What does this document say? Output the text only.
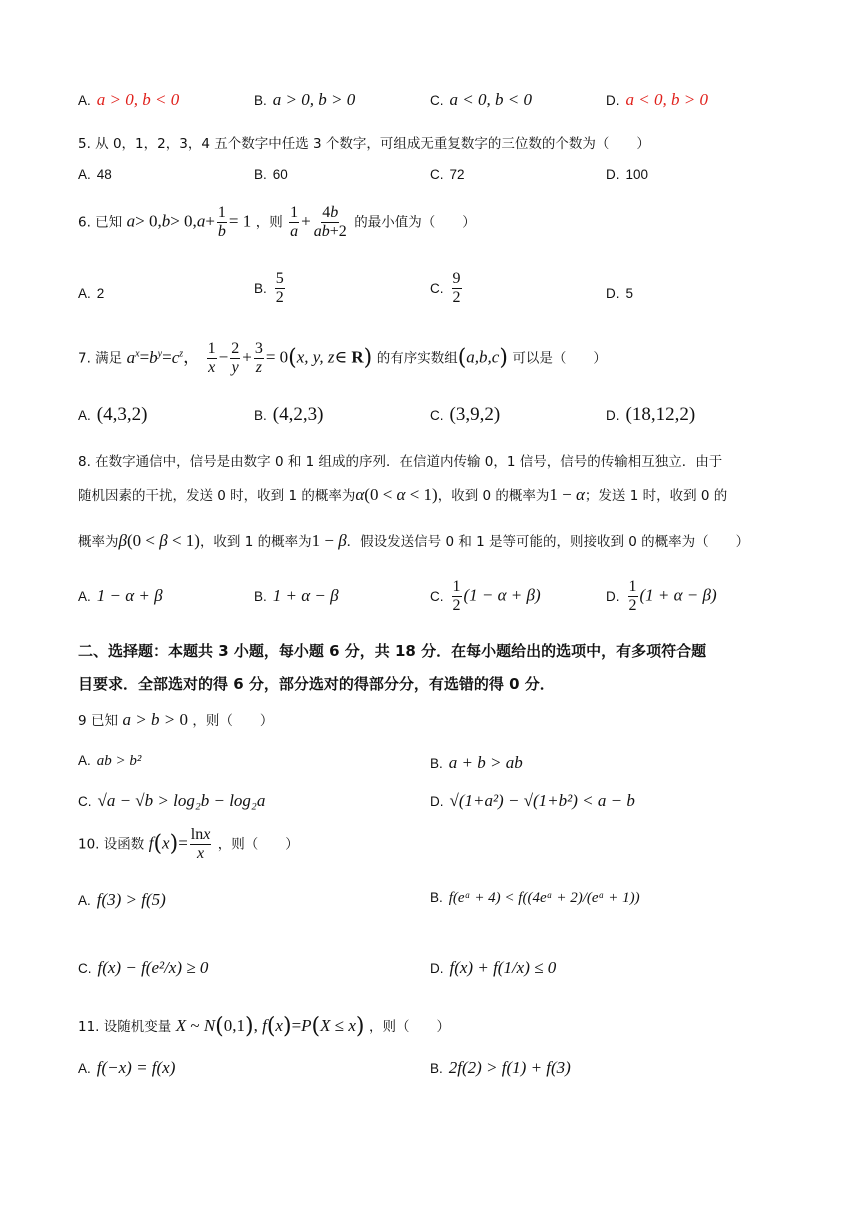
A. a > 0, b < 0	B. a > 0, b > 0	C. a < 0, b < 0	D. a < 0, b > 0
5. 从 0，1，2，3，4 五个数字中任选 3 个数字，可组成无重复数字的三位数的个数为（　　）
A. 48	B. 60	C. 72	D. 100
6. 已知 $a> 0,b> 0,a+ \frac{1}{b} = 1$ ，则 $\frac{1}{a} + \frac{4b}{ab+2}$ 的最小值为（　　）
A. 2	B. $\frac{5}{2}$	C. $\frac{9}{2}$	D. 5
7. 满足 $a^x=b^y=c^z$， $\frac{1}{x} - \frac{2}{y} + \frac{3}{z} = 0(x$, y, z∈ R) 的有序实数组(a,b,c) 可以是（　　）
A. (4,3,2)	B. (4,2,3)	C. (3,9,2)	D. (18,12,2)
8. 在数字通信中，信号是由数字 0 和 1 组成的序列．在信道内传输 0，1 信号，信号的传输相互独立．由于
随机因素的干扰，发送 0 时，收到 1 的概率为α(0 < α < 1)，收到 0 的概率为1 − α；发送 1 时，收到 0 的
概率为β(0 < β < 1)，收到 1 的概率为1 − β．假设发送信号 0 和 1 是等可能的，则接收到 0 的概率为（　　）
A. 1 − α + β	B. 1 + α − β	C. $\frac{1}{2} (1 - \alpha + \beta)$	D. $\frac{1}{2} (1 + \alpha - \beta)$
二、选择题：本题共 3 小题，每小题 6 分，共 18 分．在每小题给出的选项中，有多项符合题
目要求．全部选对的得 6 分，部分选对的得部分分，有选错的得 0 分．
9 已知 a > b > 0 ，则（　　）
A. ab > b²	B. a + b > ab
C. √a − √b > log₂b − log₂a	D. √(1+a²) − √(1+b²) < a − b
10. 设函数 $f(x)= \frac{\ln x}{x}$ ，则（　　）
A. f(3) > f(5)	B. f(eᵃ + 4) < f((4eᵃ + 2)/(eᵃ + 1))
C. f(x) − f(e²/x) ≥ 0	D. f(x) + f(1/x) ≤ 0
11. 设随机变量 X ~ N(0,1), f(x)=P(X ≤ x) ，则（　　）
A. f(−x) = f(x)	B. 2f(2) > f(1) + f(3)
